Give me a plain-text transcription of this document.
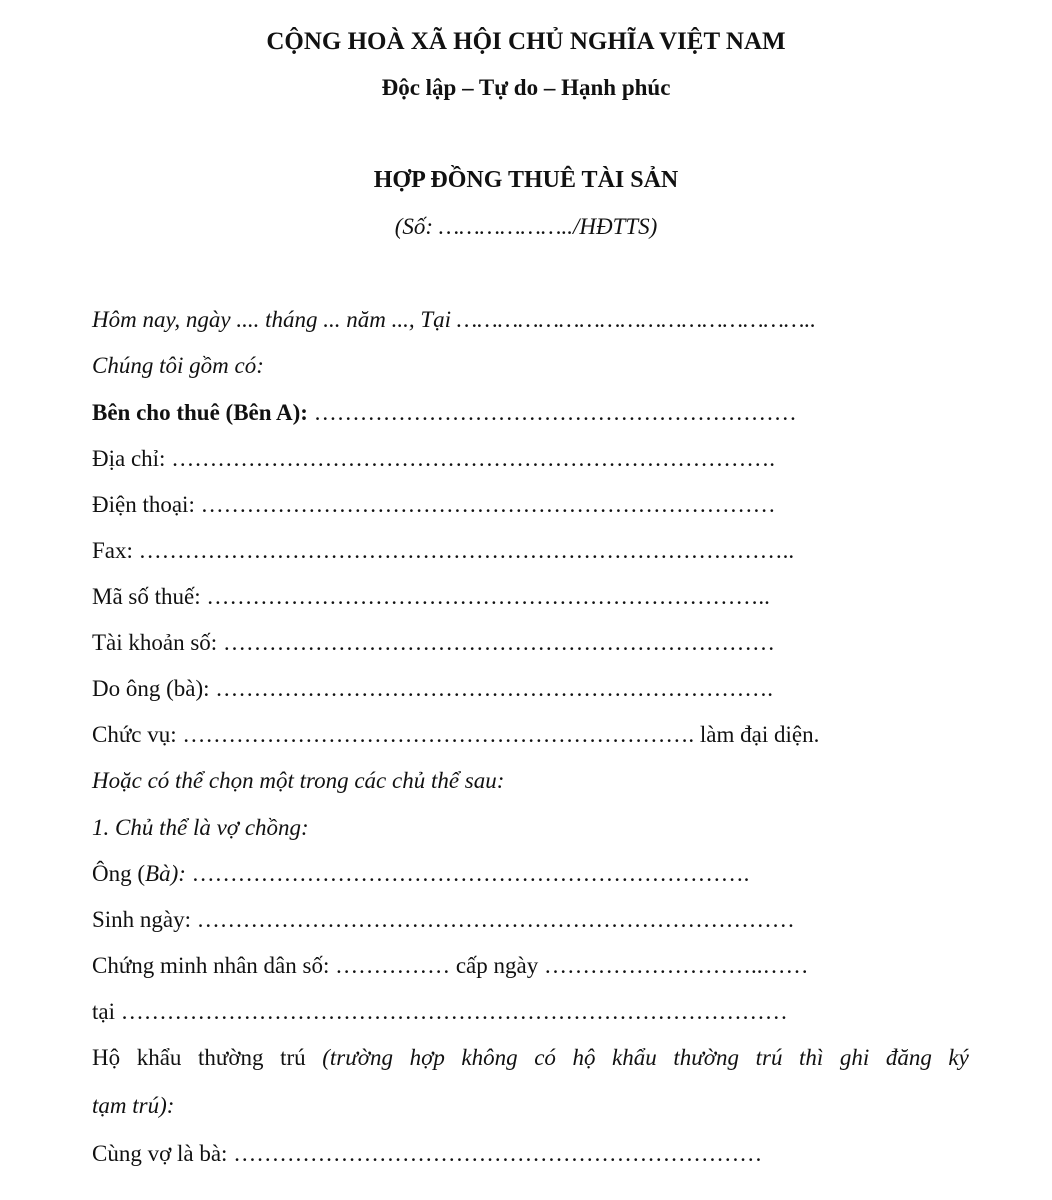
CỘNG HOÀ XÃ HỘI CHỦ NGHĨA VIỆT NAM
Độc lập – Tự do – Hạnh phúc
HỢP ĐỒNG THUÊ TÀI SẢN
(Số: ………………../HĐTTS)
Hôm nay, ngày .... tháng ... năm ..., Tại ……………………………………………..
Chúng tôi gồm có:
Bên cho thuê (Bên A): ………………………………………………………
Địa chỉ: …………………………………………………………………….
Điện thoại: …………………………………………………………………
Fax: …………………………………………………………………………..
Mã số thuế: ………………………………………………………………..
Tài khoản số: ………………………………………………………………
Do ông (bà): ……………………………………………………………….
Chức vụ: …………………………………………………………. làm đại diện.
Hoặc có thể chọn một trong các chủ thể sau:
1. Chủ thể là vợ chồng:
Ông (Bà): ……………………………………………………………….
Sinh ngày: ……………………………………………………………………
Chứng minh nhân dân số: …………… cấp ngày ………………………..……
tại ……………………………………………………………………………
Hộ khẩu thường trú (trường hợp không có hộ khẩu thường trú thì ghi đăng ký
tạm trú):
Cùng vợ là bà: ……………………………………………………………
